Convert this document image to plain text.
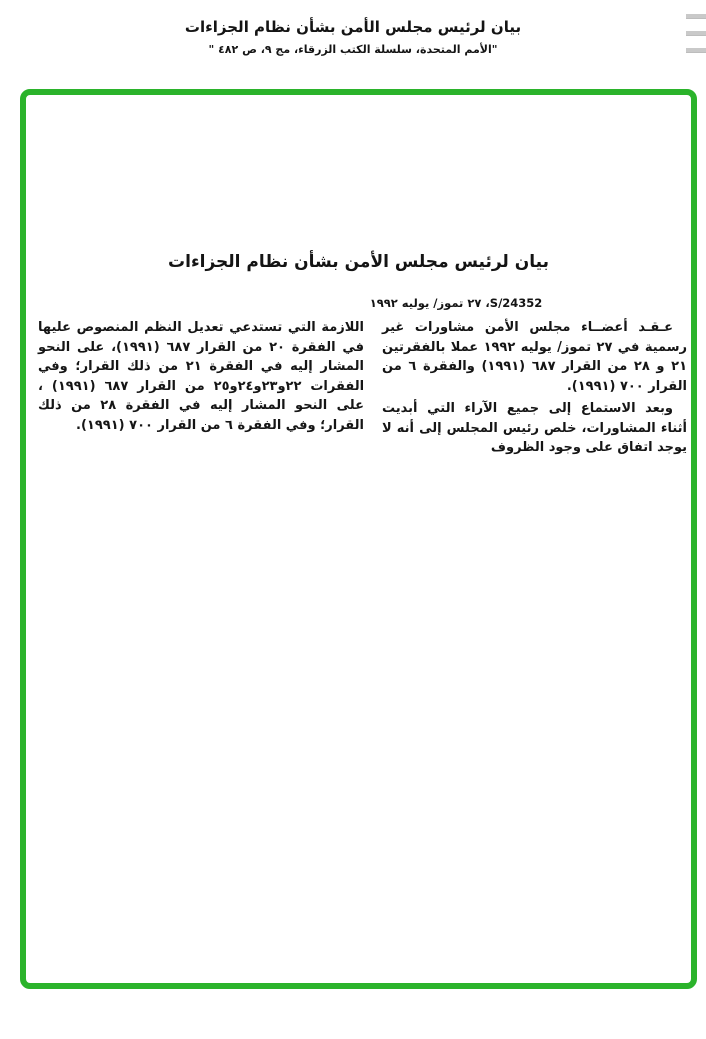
بيان لرئيس مجلس الأمن بشأن نظام الجزاءات
"الأمم المتحدة، سلسلة الكتب الزرقاء، مج ٩، ص ٤٨٢ "
بيان لرئيس مجلس الأمن بشأن نظام الجزاءات
S/24352، ٢٧ تموز/ يوليه ١٩٩٢

عـقـد أعضــاء مجلس الأمن مشاورات غير رسمية في ٢٧ تموز/ يوليه ١٩٩٢ عملا بالفقرتين ٢١ و ٢٨ من القرار ٦٨٧ (١٩٩١) والفقرة ٦ من القرار ٧٠٠ (١٩٩١).

وبعد الاستماع إلى جميع الآراء التي أبديت أثناء المشاورات، خلص رئيس المجلس إلى أنه لا يوجد اتفاق على وجود الظروف

اللازمة التي تستدعي تعديل النظم المنصوص عليها في الفقرة ٢٠ من القرار ٦٨٧ (١٩٩١)، على النحو المشار إليه في الفقرة ٢١ من ذلك القرار؛ وفي الفقرات ٢٢و٢٣و٢٤و٢٥ من القرار ٦٨٧ (١٩٩١) ، على النحو المشار إليه في الفقرة ٢٨ من ذلك القرار؛ وفي الفقرة ٦ من القرار ٧٠٠ (١٩٩١).
